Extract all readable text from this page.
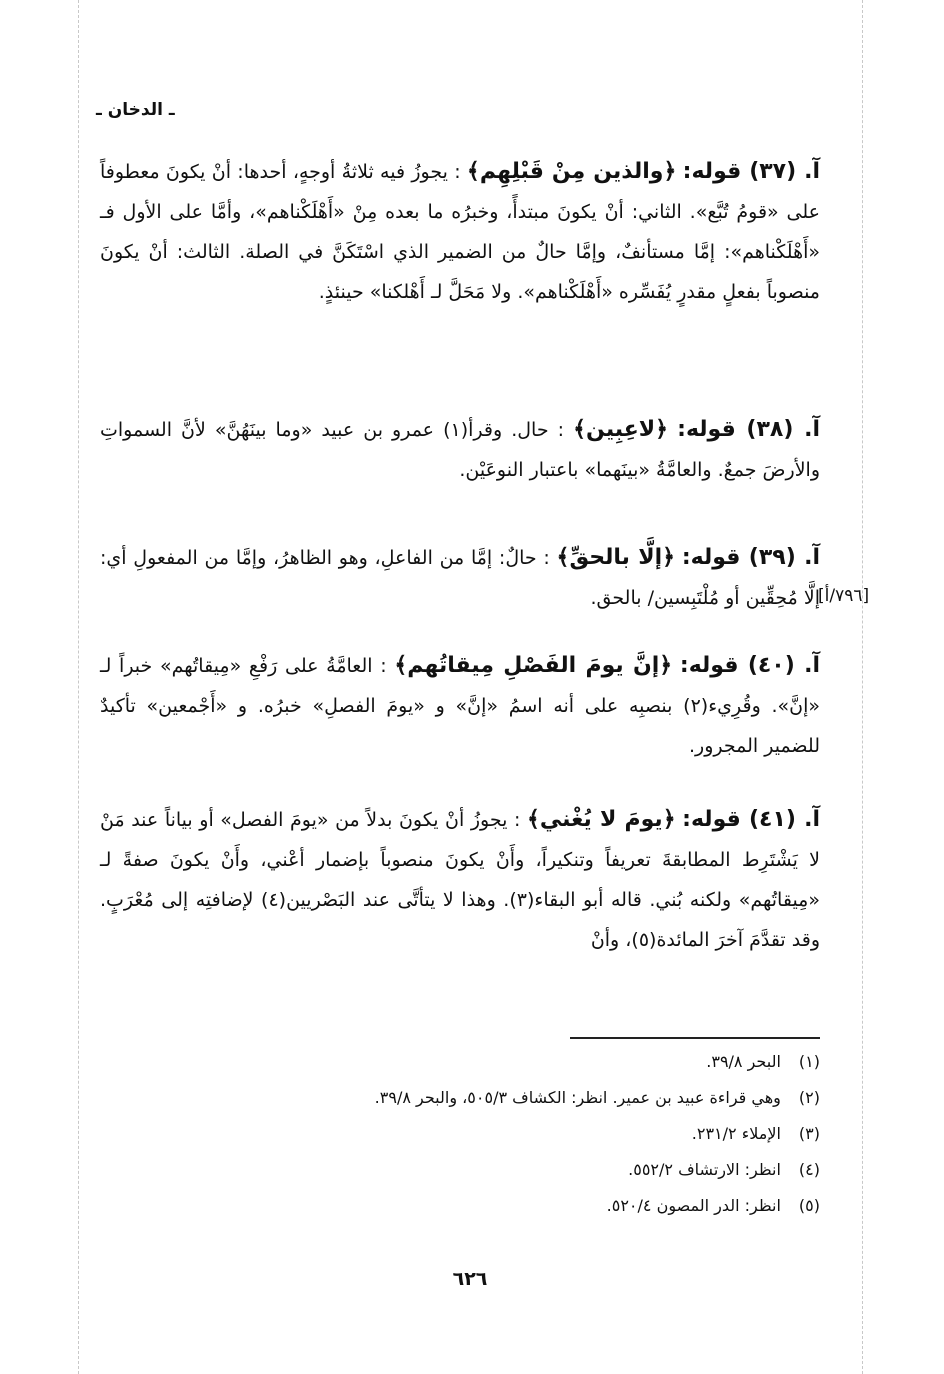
ـ الدخان ـ

آ. (٣٧) قوله: ﴿والذين مِنْ قَبْلِهِم﴾ : يجوزُ فيه ثلاثةُ أوجهٍ، أحدها: أنْ يكونَ معطوفاً على «قومُ تُبَّع». الثاني: أنْ يكونَ مبتدأً، وخبرُه ما بعده مِنْ «أَهْلَكْناهم»، وأمَّا على الأول فـ «أَهْلَكْناهم»: إمَّا مستأنفٌ، وإمَّا حالٌ من الضمير الذي اسْتَكَنَّ في الصلة. الثالث: أنْ يكونَ منصوباً بفعلٍ مقدرٍ يُفَسِّره «أَهْلَكْناهم». ولا مَحَلَّ لـ أَهْلكنا» حينئذٍ.

آ. (٣٨) قوله: ﴿لاعِبِين﴾ : حال. وقرأ(١) عمرو بن عبيد «وما بينَهُنَّ» لأنَّ السمواتِ والأرضَ جمعٌ. والعامَّةُ «بينَهما» باعتبار النوعَيْن.

آ. (٣٩) قوله: ﴿إلَّا بالحقِّ﴾ : حالٌ: إمَّا من الفاعلِ، وهو الظاهرُ، وإمَّا من المفعولِ أي: إلَّا مُحِقِّين أو مُلْتَبِسين/ بالحق.

[٧٩٦/أ]

آ. (٤٠) قوله: ﴿إنَّ يومَ الفَصْلِ مِيقاتُهم﴾ : العامَّةُ على رَفْعِ «مِيقاتُهم» خبراً لـ «إنَّ». وقُرِيء(٢) بنصبِه على أنه اسمُ «إنَّ» و «يومَ الفصلِ» خبرُه. و «أَجْمعين» تأكيدٌ للضمير المجرور.

آ. (٤١) قوله: ﴿يومَ لا يُغْني﴾ : يجوزُ أنْ يكونَ بدلاً من «يومَ الفصل» أو بياناً عند مَنْ لا يَشْتَرِط المطابقةَ تعريفاً وتنكيراً، وأَنْ يكونَ منصوباً بإضمار أعْني، وأَنْ يكونَ صفةً لـ «مِيقاتُهم» ولكنه بُني. قاله أبو البقاء(٣). وهذا لا يتأتَّى عند البَصْريين(٤) لإضافتِه إلى مُعْرَبٍ. وقد تقدَّمَ آخرَ المائدة(٥)، وأنْ

(١) البحر ٣٩/٨.
(٢) وهي قراءة عبيد بن عمير. انظر: الكشاف ٥٠٥/٣، والبحر ٣٩/٨.
(٣) الإملاء ٢٣١/٢.
(٤) انظر: الارتشاف ٥٥٢/٢.
(٥) انظر: الدر المصون ٥٢٠/٤.
٦٢٦
